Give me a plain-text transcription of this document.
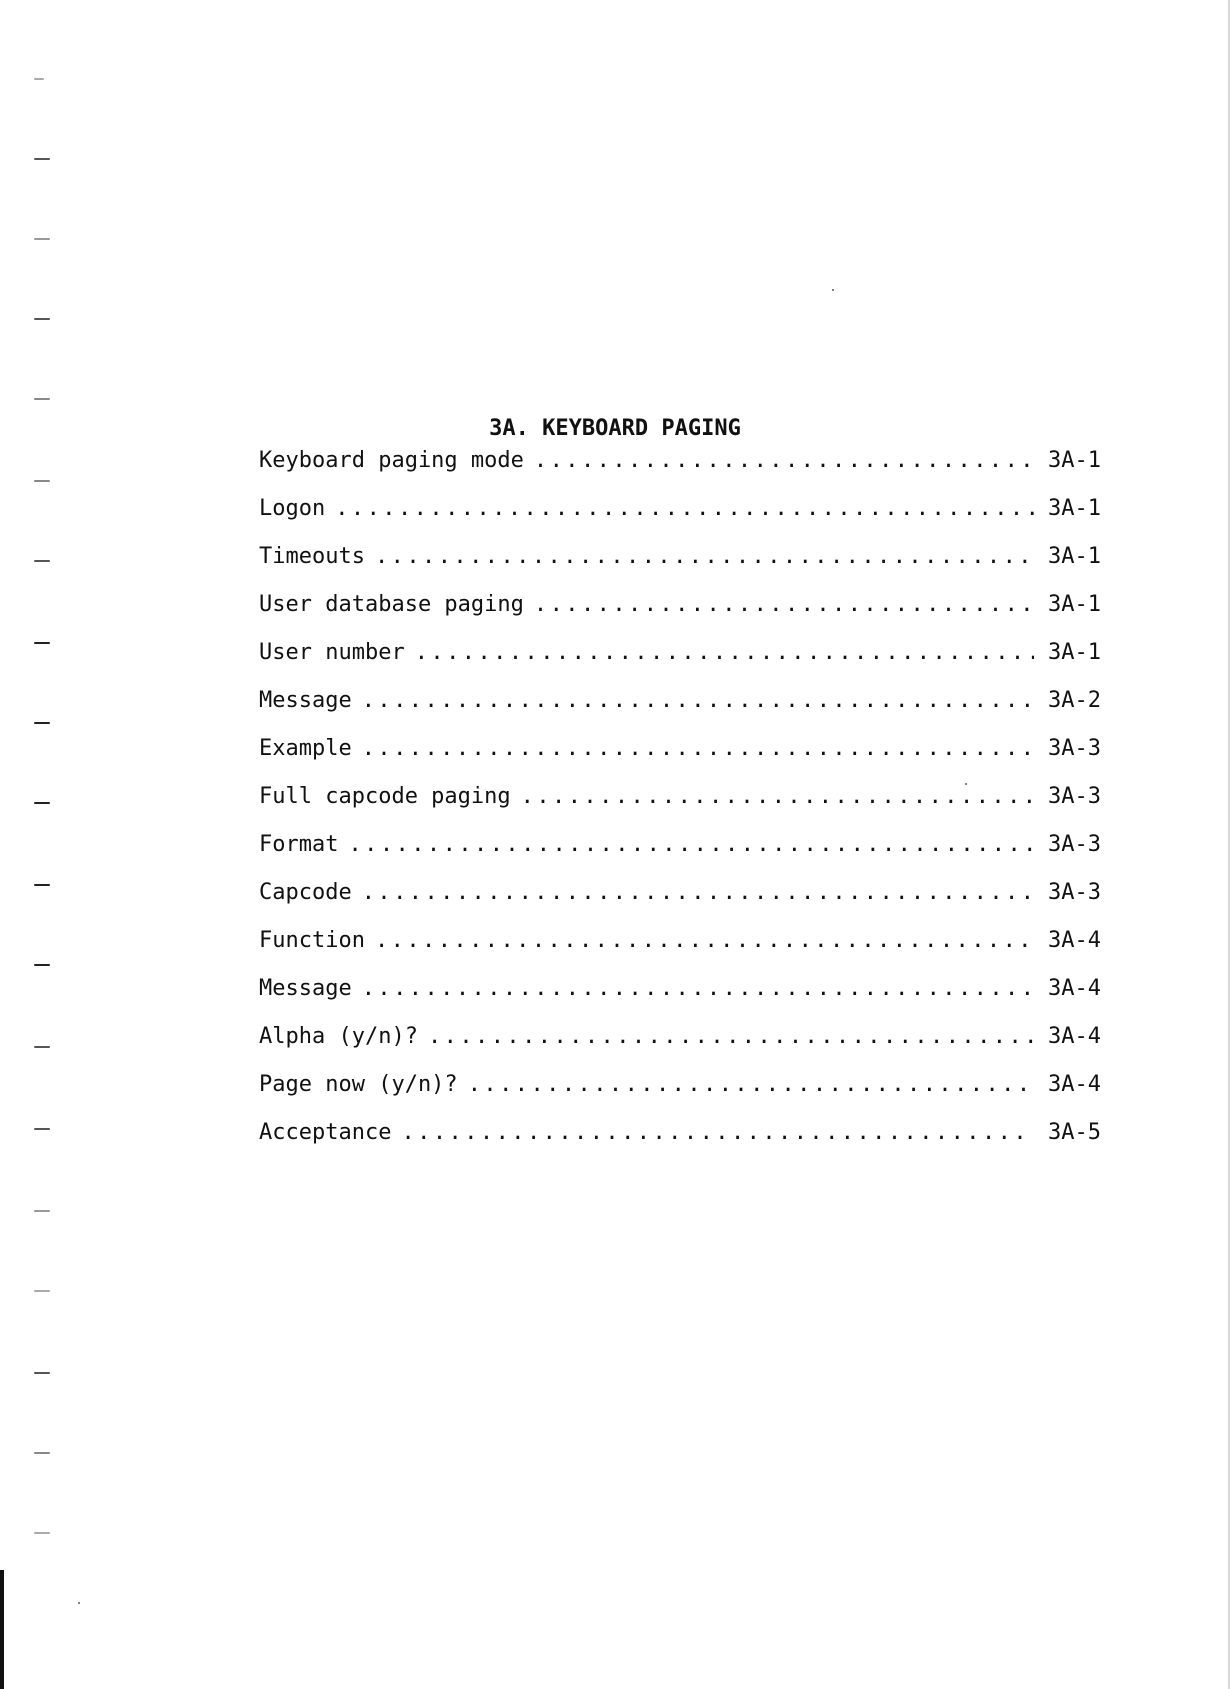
3A. KEYBOARD PAGING
Keyboard paging mode . . .	3A-1
Logon . . .	3A-1
Timeouts . . .	3A-1
User database paging . . .	3A-1
User number . . .	3A-1
Message . . .	3A-2
Example . . .	3A-3
Full capcode paging . . .	3A-3
Format . . .	3A-3
Capcode . . .	3A-3
Function . . .	3A-4
Message . . .	3A-4
Alpha (y/n)? . . .	3A-4
Page now (y/n)? . . .	3A-4
Acceptance . . .	3A-5
